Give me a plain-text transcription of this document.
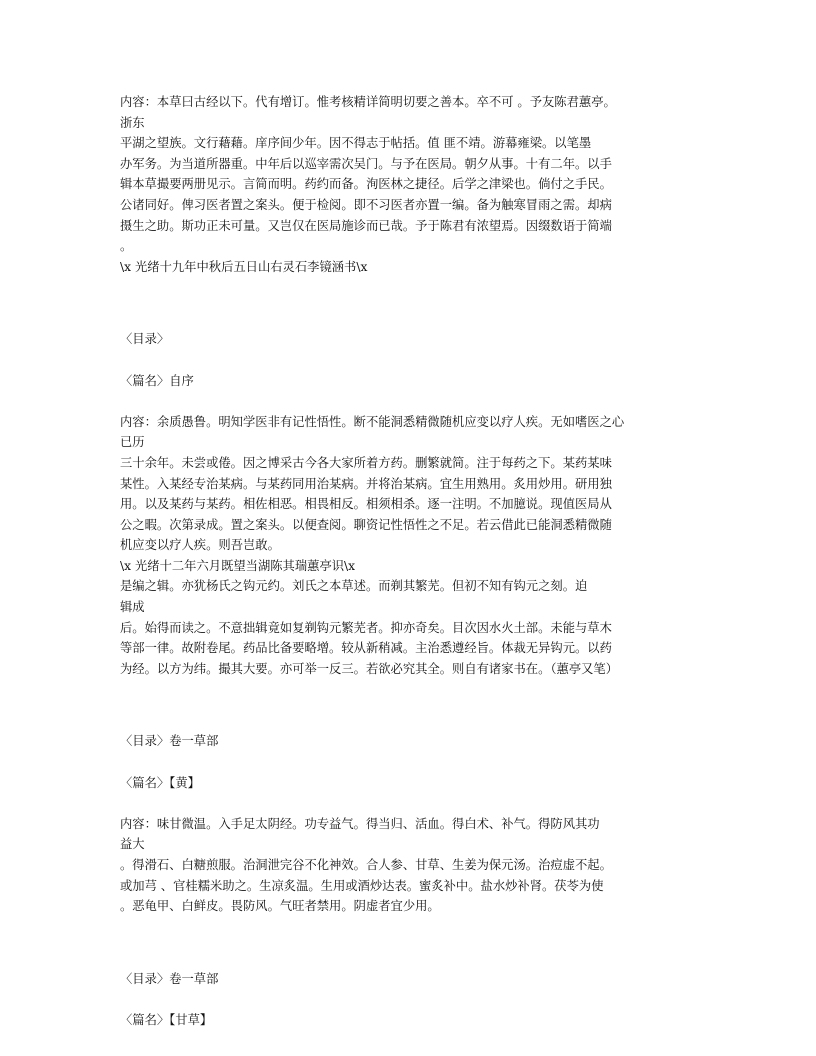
内容：本草曰古经以下。代有增订。惟考核精详简明切要之善本。卒不可 。予友陈君蕙亭。
浙东
平湖之望族。文行藉藉。庠序间少年。因不得志于帖括。值 匪不靖。游幕雍梁。以笔墨
办军务。为当道所器重。中年后以巡宰需次吴门。与予在医局。朝夕从事。十有二年。以手
辑本草撮要两册见示。言简而明。药约而备。洵医林之捷径。后学之津梁也。倘付之手民。
公诸同好。俾习医者置之案头。便于检阅。即不习医者亦置一编。备为触寒冒雨之需。却病
摄生之助。斯功正未可量。又岂仅在医局施诊而已哉。予于陈君有浓望焉。因缀数语于简端
。
\x 光绪十九年中秋后五日山右灵石李镜涵书\x
〈目录〉
〈篇名〉自序
内容：余质愚鲁。明知学医非有记性悟性。断不能洞悉精微随机应变以疗人疾。无如嗜医之心
已历
三十余年。未尝或倦。因之博采古今各大家所着方药。删繁就简。注于每药之下。某药某味
某性。入某经专治某病。与某药同用治某病。并将治某病。宜生用熟用。炙用炒用。研用独
用。以及某药与某药。相佐相恶。相畏相反。相须相杀。逐一注明。不加臆说。现值医局从
公之暇。次第录成。置之案头。以便查阅。聊资记性悟性之不足。若云借此已能洞悉精微随
机应变以疗人疾。则吾岂敢。
\x 光绪十二年六月既望当湖陈其瑞蕙亭识\x
是编之辑。亦犹杨氏之钩元约。刘氏之本草述。而剃其繁芜。但初不知有钩元之刻。迫
辑成
后。始得而读之。不意拙辑竟如复剃钩元繁芜者。抑亦奇矣。目次因水火土部。未能与草木
等部一律。故附卷尾。药品比备要略增。较从新稍减。主治悉遵经旨。体裁无异钩元。以药
为经。以方为纬。撮其大要。亦可举一反三。若欲必究其全。则自有诸家书在。（蕙亭又笔）
〈目录〉卷一草部
〈篇名〉【黄】
内容：味甘微温。入手足太阴经。功专益气。得当归、活血。得白术、补气。得防风其功
益大
。得滑石、白糖煎服。治洞泄完谷不化神效。合人参、甘草、生姜为保元汤。治痘虚不起。
或加芎 、官桂糯米助之。生凉炙温。生用或酒炒达表。蜜炙补中。盐水炒补肾。茯苓为使
。恶龟甲、白鲜皮。畏防风。气旺者禁用。阴虚者宜少用。
〈目录〉卷一草部
〈篇名〉【甘草】
